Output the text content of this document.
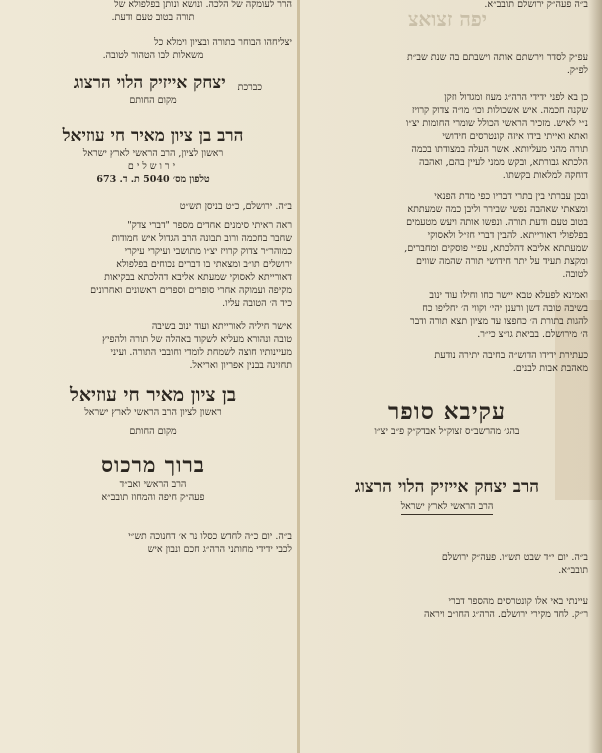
הרר לעומקה של הלכה. ונושא ונותן בפלפולא של
תורה בטוב טעם ודעת.
יצליחהו הבוחר בתורה ובציון וימלא כל
משאלות לבו הטהור לטובה.
כברכת
יצחק אייזיק הלוי הרצוג
מקום החותם
הרב בן ציון מאיר חי עוזיאל
ראשון לציון, הרב הראשי לארץ ישראל
ירושלים
טלפון מס׳ 5040 ת. ד. 673
ב״ה. ירושלם, כ״ט בניסן תש״ט
ראה ראיתי סימנים אחדים מספר "דברי צדק"
שחבר בחכמה ורוב תבונה הרב הגדול איש חמודות
כמוהר״ר צדוק קרויז יצ״ו מתושבי ועיקרי עיקרי
ירושלים תו״ב ומצאתי בו דברים נכוחים בפלפולא
דאורייתא לאסוקי שמעתא אליבא דהלכתא בבקיאות
מקיפה ועמוקה אחרי סופרים וספרים ראשונים ואחרונים
כיד ה׳ הטובה עליו.
אישר חיליה לאורייתא ועוד ינוב בשיבה
טובה ונהורא מעליא לשקוד באהלה של תורה ולהפיץ
מעיינותיו חוצה לשמחת לומדי וחובבי התורה. ועיני
תחזינה בבנין אפריון ואריאל.
בן ציון מאיר חי עוזיאל
ראשון לציון הרב הראשי לארץ ישראל
מקום החותם
ברוך מרכוס
הרב הראשי ואב״ד
פעה״ק חיפה והמחוז תובב״א
ב״ה. יום כ״ה לחדש כסלו נר א׳ דחנוכה תש״י
לכבי ידידי מחותני הרה״ג חכם ונבון איש
יפה זצואצ
ב״ה פעה״ק ירושלם תובב״א.
עפ״ק לסדר וירשתם אותה וישבתם בה שנת שב״ת
לפ״ק.
כן בא לפני ידידי הרה״ג מעוז ומגדול וזקן
שקנה חכמה. איש אשכולות וכו׳ מו״ה צדוק קרויז
נ״י לאיש. מזכיר הראשי הכולל שומרי החומות יצ״ו
ואתא ואייתי בידו איזה קונטרסים חידושי
תורה מהני מעליותא. אשר העלה במצודתו בכמה
הלכתא גבורתא, ובקש ממני לעיין בהם, ואהבה
דוחקה למלאות בקשתו.
ובכן עברתי בין בתרי דבריו כפי מדת הפנאי
ומצאתי שאהבה נפשי שבירר וליבן כמה שמעתתא
בטוב טעם ודעת תורה. ונפשו אותה ויעש מטעמים
בפלפולי דאורייתא. להבין דברי חז״ל ולאסוקי
שמעתתא אליבא דהלכתא, עפ״י פוסקים ומחברים,
ומקצת תעיד על יתר חידושי תורה שהמה שווים
לטובה.
ואמינא לפעלא טבא יישר כחו וחילו עוד ינוב
בשיבה טובה דשן ורענן יהי׳ וקווי ה׳ יחליפו כח
להגות בתורת ה׳ כחפצו עד מציון תצא תורה ודבר
ה׳ מירושלם. בביאת גו״צ כי״ר.
כעתירת ידידו הדוש״ה בחיבה יתירה נודעת
מאהבת אבות לבנים.
עקיבא סופר
בהג׳ מהרשב״ס זצוק״ל אבדק״ק פ״ב יצ״ו
הרב יצחק אייזיק הלוי הרצוג
הרב הראשי לארץ ישראל
ב״ה. יום י״ד שבט תש״ו. פעה״ק ירושלם
תובב״א.
עיינתי באי אלו קונטרסים מהספר דברי
ר״ק. לחד מקירי ירושלם. הרה״ג החו״ב ויראה
